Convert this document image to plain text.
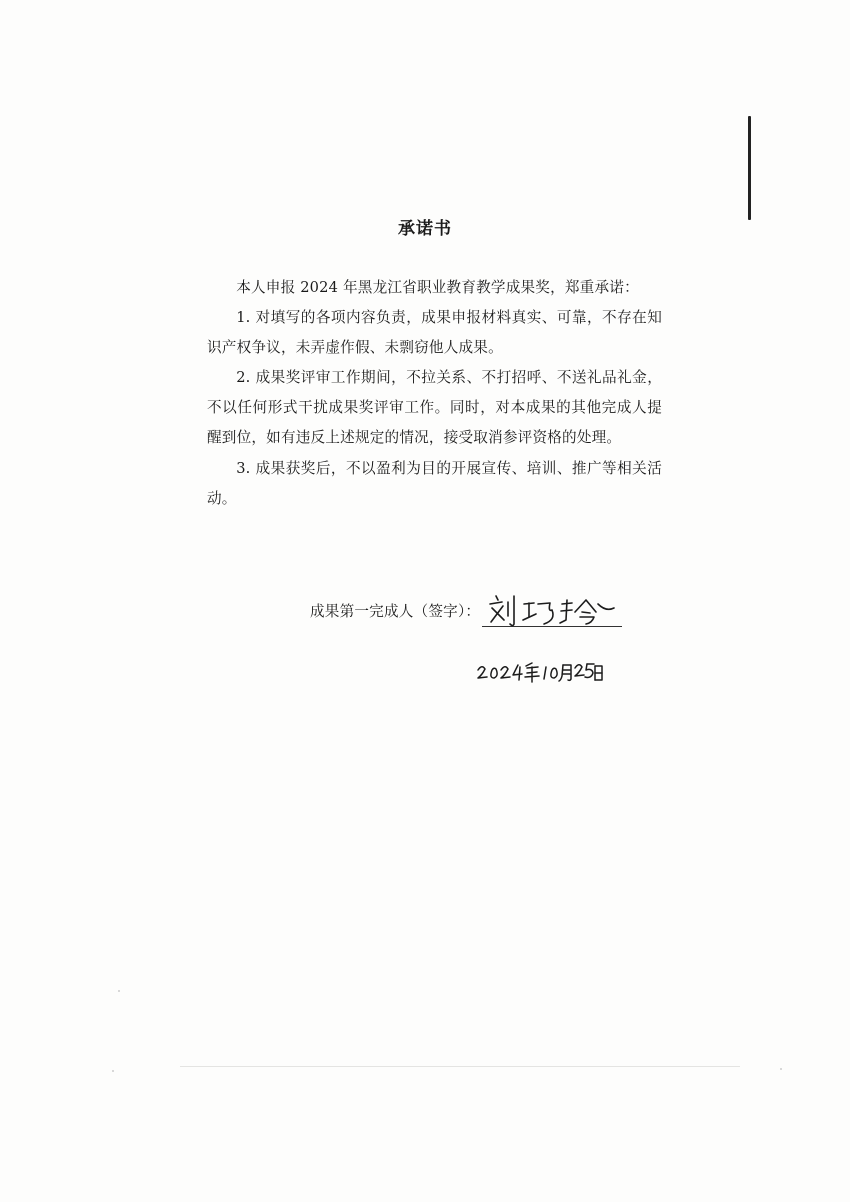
承诺书

本人申报 2024 年黑龙江省职业教育教学成果奖，郑重承诺：

1. 对填写的各项内容负责，成果申报材料真实、可靠，不存在知识产权争议，未弄虚作假、未剽窃他人成果。

2. 成果奖评审工作期间，不拉关系、不打招呼、不送礼品礼金，不以任何形式干扰成果奖评审工作。同时，对本成果的其他完成人提醒到位，如有违反上述规定的情况，接受取消参评资格的处理。

3. 成果获奖后，不以盈利为目的开展宣传、培训、推广等相关活动。

成果第一完成人（签字）：
